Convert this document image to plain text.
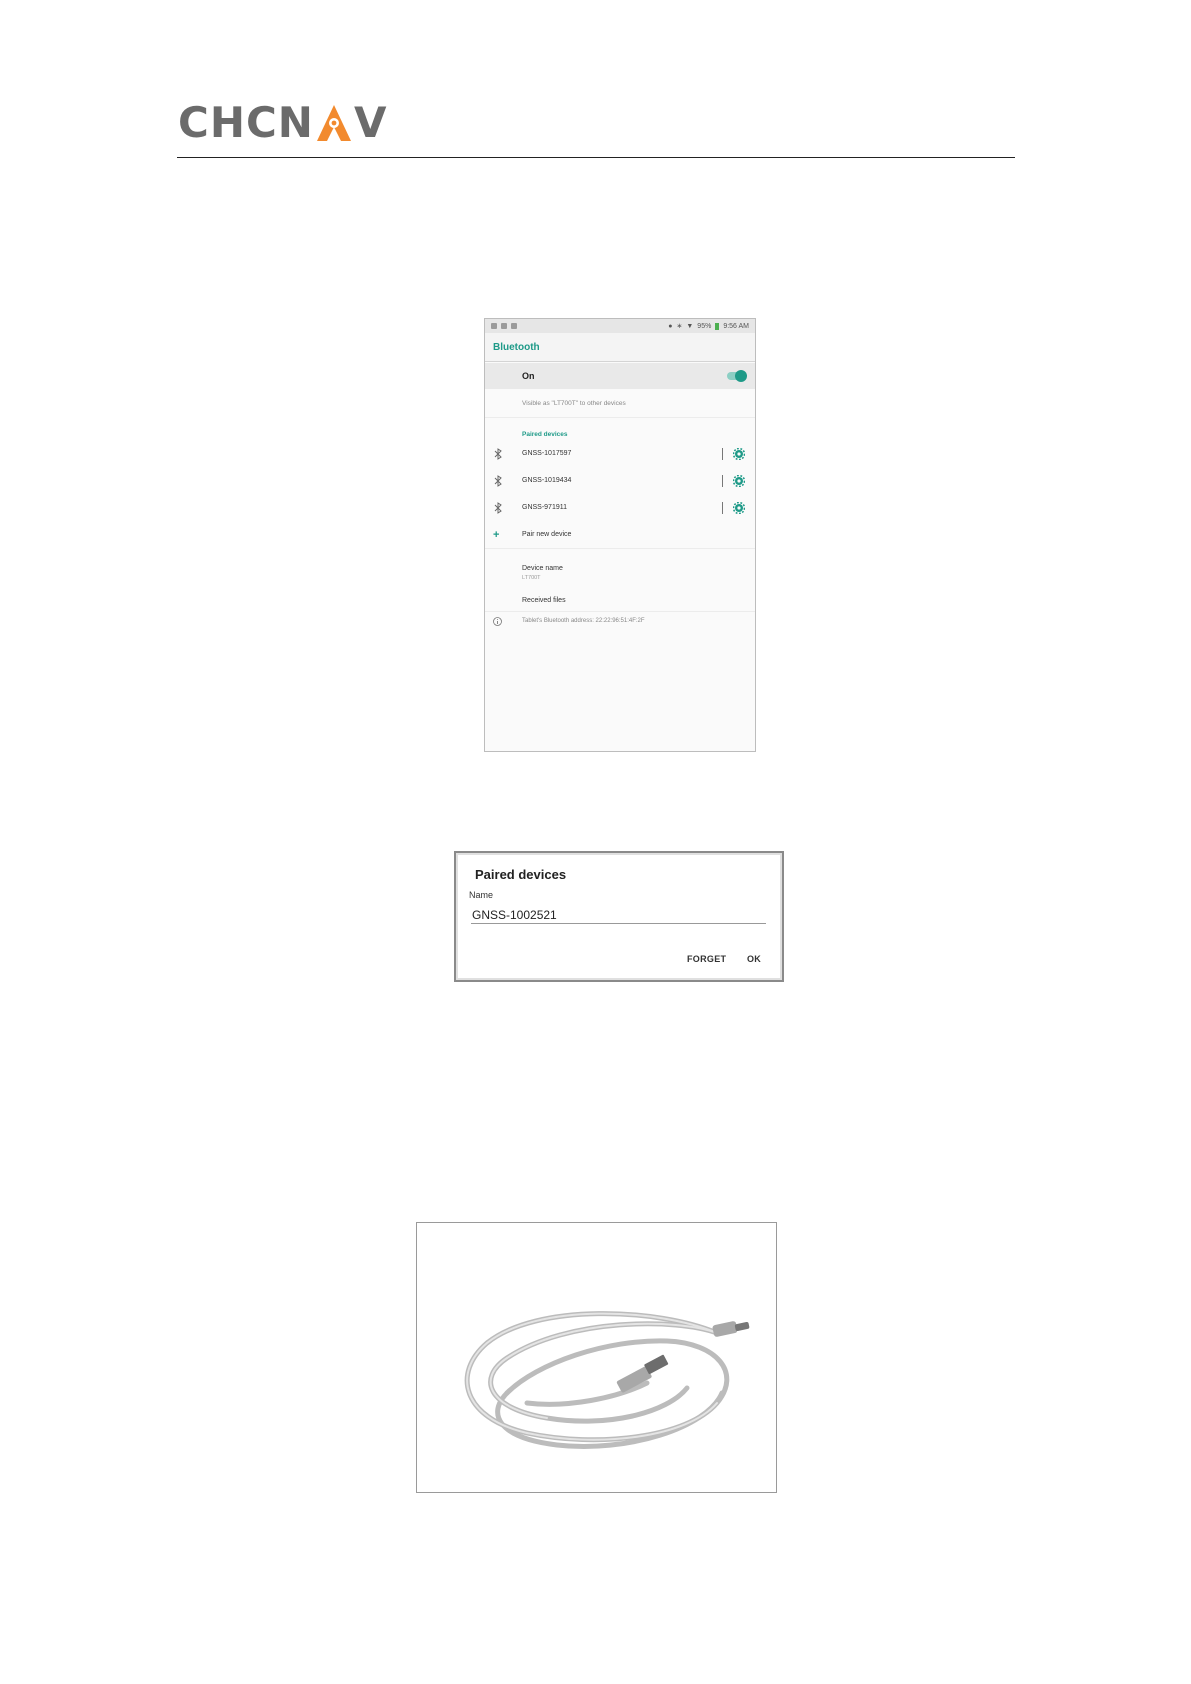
CHCN V
● ∗ ▼ 95% 9:56 AM
Bluetooth
On
Visible as "LT700T" to other devices
Paired devices
GNSS-1017597
GNSS-1019434
GNSS-971911
+	Pair new device
Device name
LT700T
Received files
Tablet's Bluetooth address: 22:22:96:51:4F:2F
Paired devices
Name
GNSS-1002521
FORGET OK
